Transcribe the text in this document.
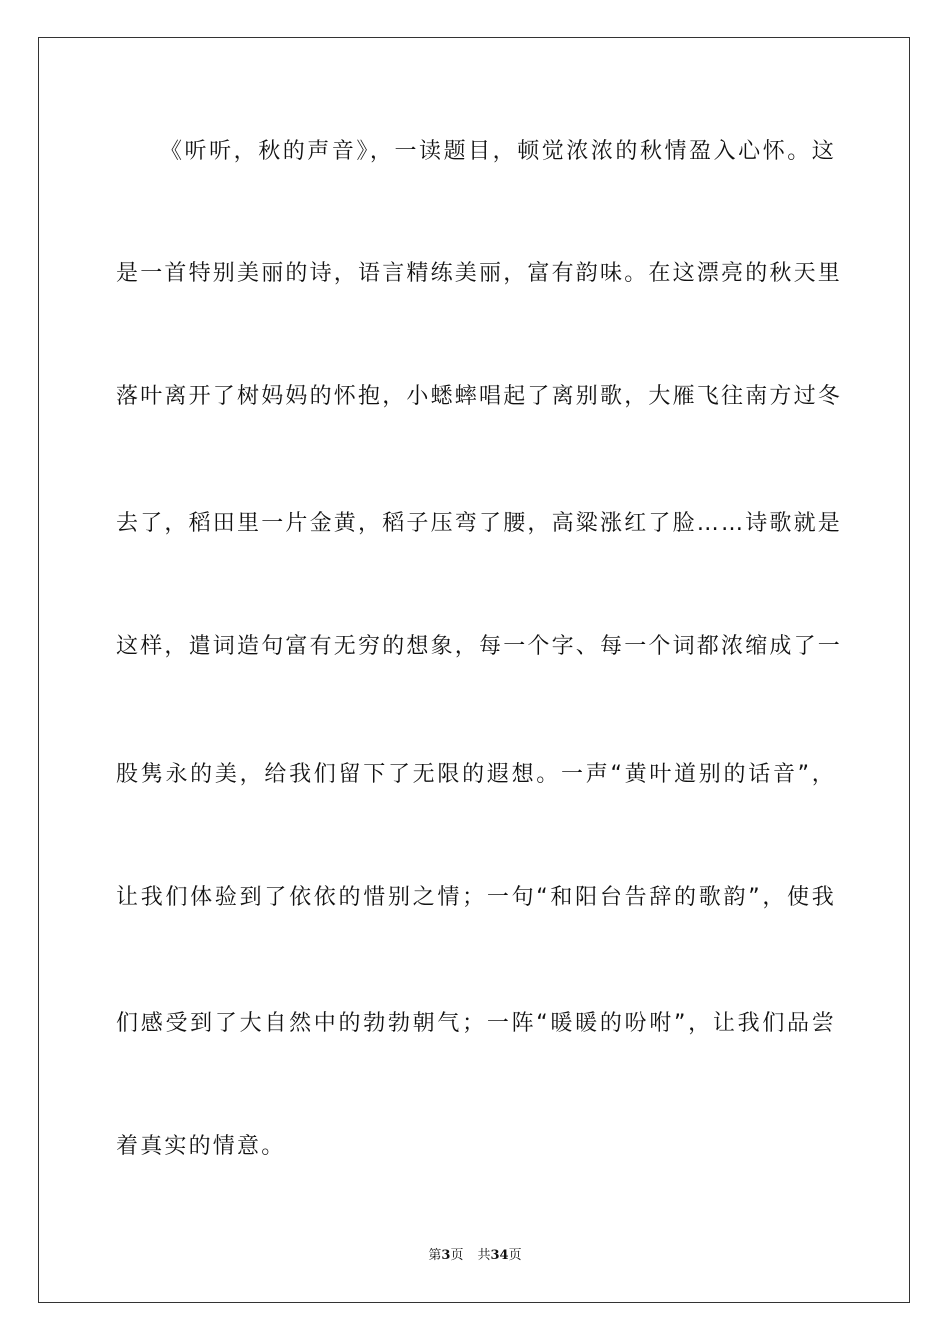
《听听，秋的声音》，一读题目，顿觉浓浓的秋情盈入心怀。这
是一首特别美丽的诗，语言精练美丽，富有韵味。在这漂亮的秋天里
落叶离开了树妈妈的怀抱，小蟋蟀唱起了离别歌，大雁飞往南方过冬
去了，稻田里一片金黄，稻子压弯了腰，高粱涨红了脸……诗歌就是
这样，遣词造句富有无穷的想象，每一个字、每一个词都浓缩成了一
股隽永的美，给我们留下了无限的遐想。一声“黄叶道别的话音”，
让我们体验到了依依的惜别之情；一句“和阳台告辞的歌韵”，使我
们感受到了大自然中的勃勃朝气；一阵“暖暖的吩咐”，让我们品尝
着真实的情意。
第3页 共34页
